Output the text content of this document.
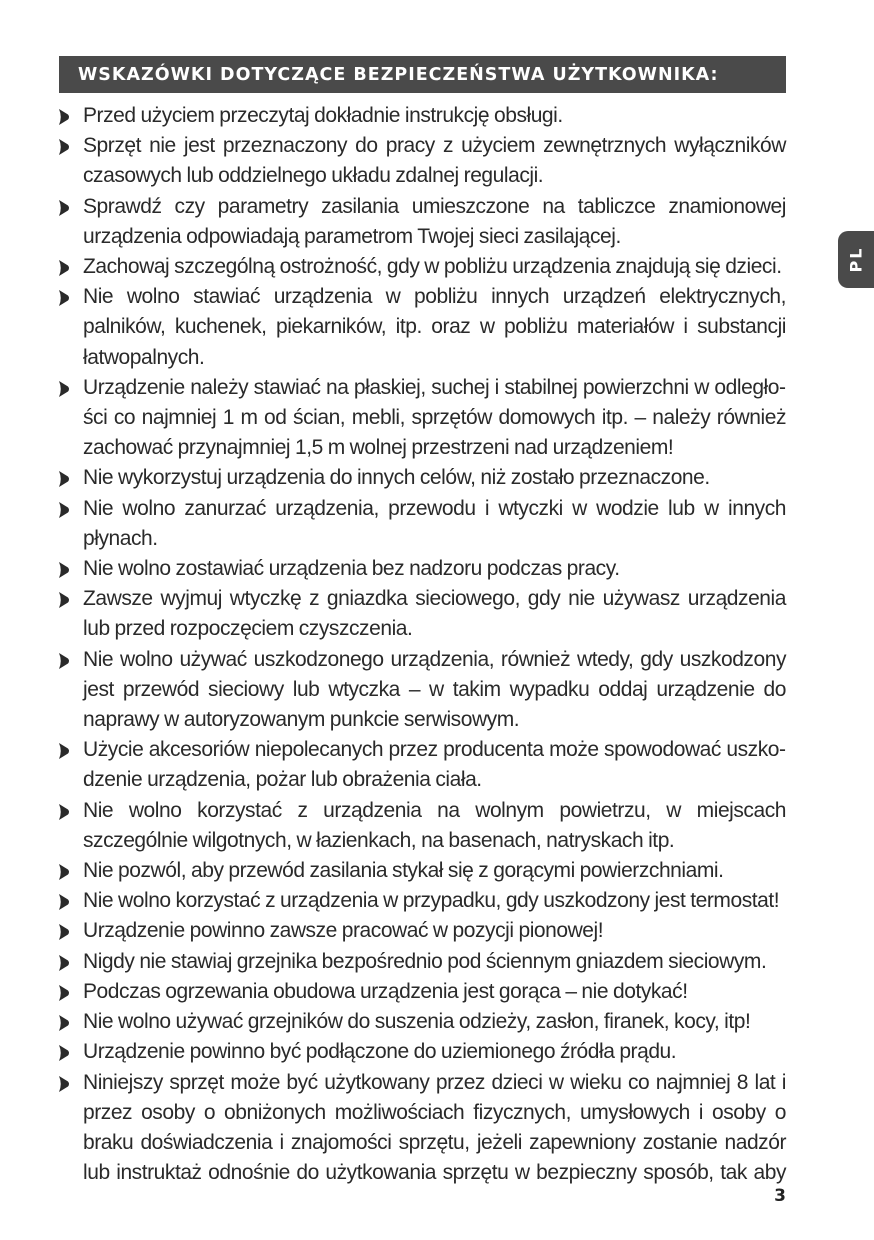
WSKAZÓWKI DOTYCZĄCE BEZPIECZEŃSTWA UŻYTKOWNIKA:
PL
Przed użyciem przeczytaj dokładnie instrukcję obsługi.
Sprzęt nie jest przeznaczony do pracy z użyciem zewnętrznych wyłączników czasowych lub oddzielnego układu zdalnej regulacji.
Sprawdź czy parametry zasilania umieszczone na tabliczce znamionowej urządzenia odpowiadają parametrom Twojej sieci zasilającej.
Zachowaj szczególną ostrożność, gdy w pobliżu urządzenia znajdują się dzieci.
Nie wolno stawiać urządzenia w pobliżu innych urządzeń elektrycznych, palników, kuchenek, piekarników, itp. oraz w pobliżu materiałów i substancji łatwopalnych.
Urządzenie należy stawiać na płaskiej, suchej i stabilnej powierzchni w odległości co najmniej 1 m od ścian, mebli, sprzętów domowych itp. – należy również zachować przynajmniej 1,5 m wolnej przestrzeni nad urządzeniem!
Nie wykorzystuj urządzenia do innych celów, niż zostało przeznaczone.
Nie wolno zanurzać urządzenia, przewodu i wtyczki w wodzie lub w innych płynach.
Nie wolno zostawiać urządzenia bez nadzoru podczas pracy.
Zawsze wyjmuj wtyczkę z gniazdka sieciowego, gdy nie używasz urządzenia lub przed rozpoczęciem czyszczenia.
Nie wolno używać uszkodzonego urządzenia, również wtedy, gdy uszkodzony jest przewód sieciowy lub wtyczka – w takim wypadku oddaj urządzenie do naprawy w autoryzowanym punkcie serwisowym.
Użycie akcesoriów niepolecanych przez producenta może spowodować uszkodzenie urządzenia, pożar lub obrażenia ciała.
Nie wolno korzystać z urządzenia na wolnym powietrzu, w miejscach szczególnie wilgotnych, w łazienkach, na basenach, natryskach itp.
Nie pozwól, aby przewód zasilania stykał się z gorącymi powierzchniami.
Nie wolno korzystać z urządzenia w przypadku, gdy uszkodzony jest termostat!
Urządzenie powinno zawsze pracować w pozycji pionowej!
Nigdy nie stawiaj grzejnika bezpośrednio pod ściennym gniazdem sieciowym.
Podczas ogrzewania obudowa urządzenia jest gorąca – nie dotykać!
Nie wolno używać grzejników do suszenia odzieży, zasłon, firanek, kocy, itp!
Urządzenie powinno być podłączone do uziemionego źródła prądu.
Niniejszy sprzęt może być użytkowany przez dzieci w wieku co najmniej 8 lat i przez osoby o obniżonych możliwościach fizycznych, umysłowych i osoby o braku doświadczenia i znajomości sprzętu, jeżeli zapewniony zostanie nadzór lub instruktaż odnośnie do użytkowania sprzętu w bezpieczny sposób, tak aby
3
